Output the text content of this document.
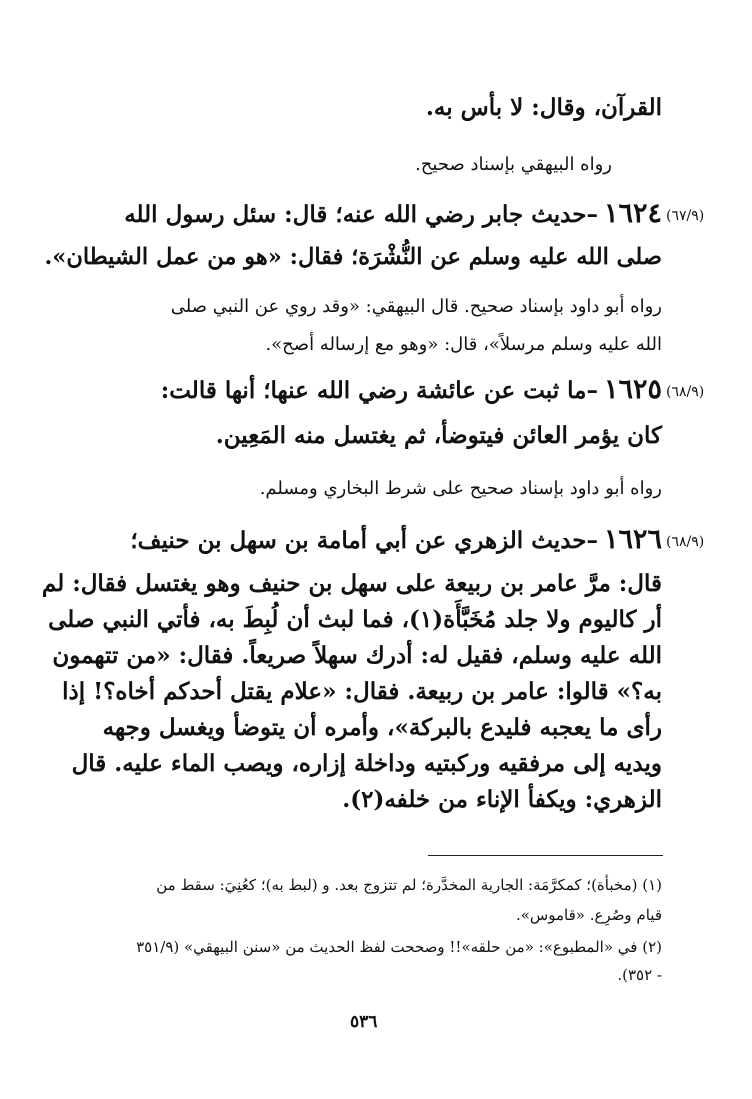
القرآن، وقال: لا بأس به.
رواه البيهقي بإسناد صحيح.
(٦٧/٩)
١٦٢٤–حديث جابر رضي الله عنه؛ قال: سئل رسول الله
صلى الله عليه وسلم عن النُّشْرَة؛ فقال: «هو من عمل الشيطان».
رواه أبو داود بإسناد صحيح. قال البيهقي: «وقد روي عن النبي صلى
الله عليه وسلم مرسلاً»، قال: «وهو مع إرساله أصح».
(٦٨/٩)
١٦٢٥–ما ثبت عن عائشة رضي الله عنها؛ أنها قالت:
كان يؤمر العائن فيتوضأ، ثم يغتسل منه المَعِين.
رواه أبو داود بإسناد صحيح على شرط البخاري ومسلم.
(٦٨/٩)
١٦٢٦–حديث الزهري عن أبي أمامة بن سهل بن حنيف؛
قال: مرَّ عامر بن ربيعة على سهل بن حنيف وهو يغتسل فقال: لم
أر كاليوم ولا جلد مُخَبَّأَة(١)، فما لبث أن لُبِطَ به، فأتي النبي صلى
الله عليه وسلم، فقيل له: أدرك سهلاً صريعاً. فقال: «من تتهمون
به؟» قالوا: عامر بن ربيعة. فقال: «علام يقتل أحدكم أخاه؟! إذا
رأى ما يعجبه فليدع بالبركة»، وأمره أن يتوضأ ويغسل وجهه
ويديه إلى مرفقيه وركبتيه وداخلة إزاره، ويصب الماء عليه. قال
الزهري: ويكفأ الإناء من خلفه(٢).
(١) (مخبأة)؛ كمكرَّمَة: الجارية المخدَّرة؛ لم تتزوج بعد. و (لبط به)؛ كعُنِيَ: سقط من
قيام وصُرِع. «قاموس».
(٢) في «المطبوع»: «من حلقه»!! وصححت لفظ الحديث من «سنن البيهقي» (٣٥١/٩
- ٣٥٢).
٥٣٦
